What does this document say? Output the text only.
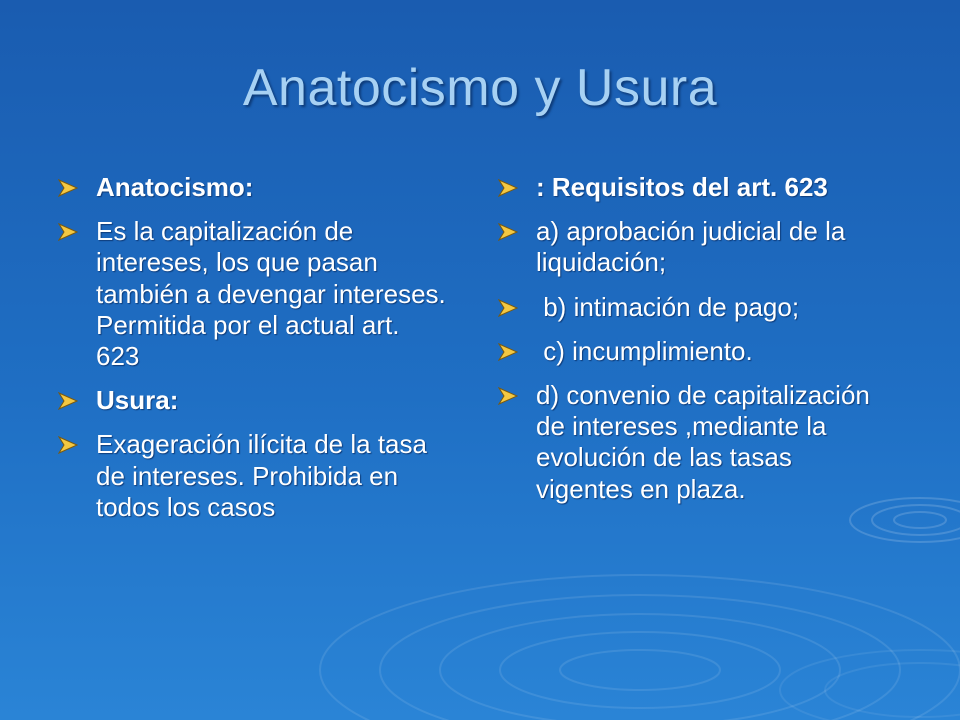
Anatocismo y Usura
Anatocismo:
Es la capitalización de intereses, los que pasan también a devengar intereses. Permitida por el actual art. 623
Usura:
Exageración ilícita de la tasa de intereses. Prohibida en todos los casos
: Requisitos del art. 623
a) aprobación judicial de la liquidación;
b) intimación de pago;
c) incumplimiento.
d) convenio de capitalización de intereses ,mediante la evolución de las tasas vigentes en plaza.
